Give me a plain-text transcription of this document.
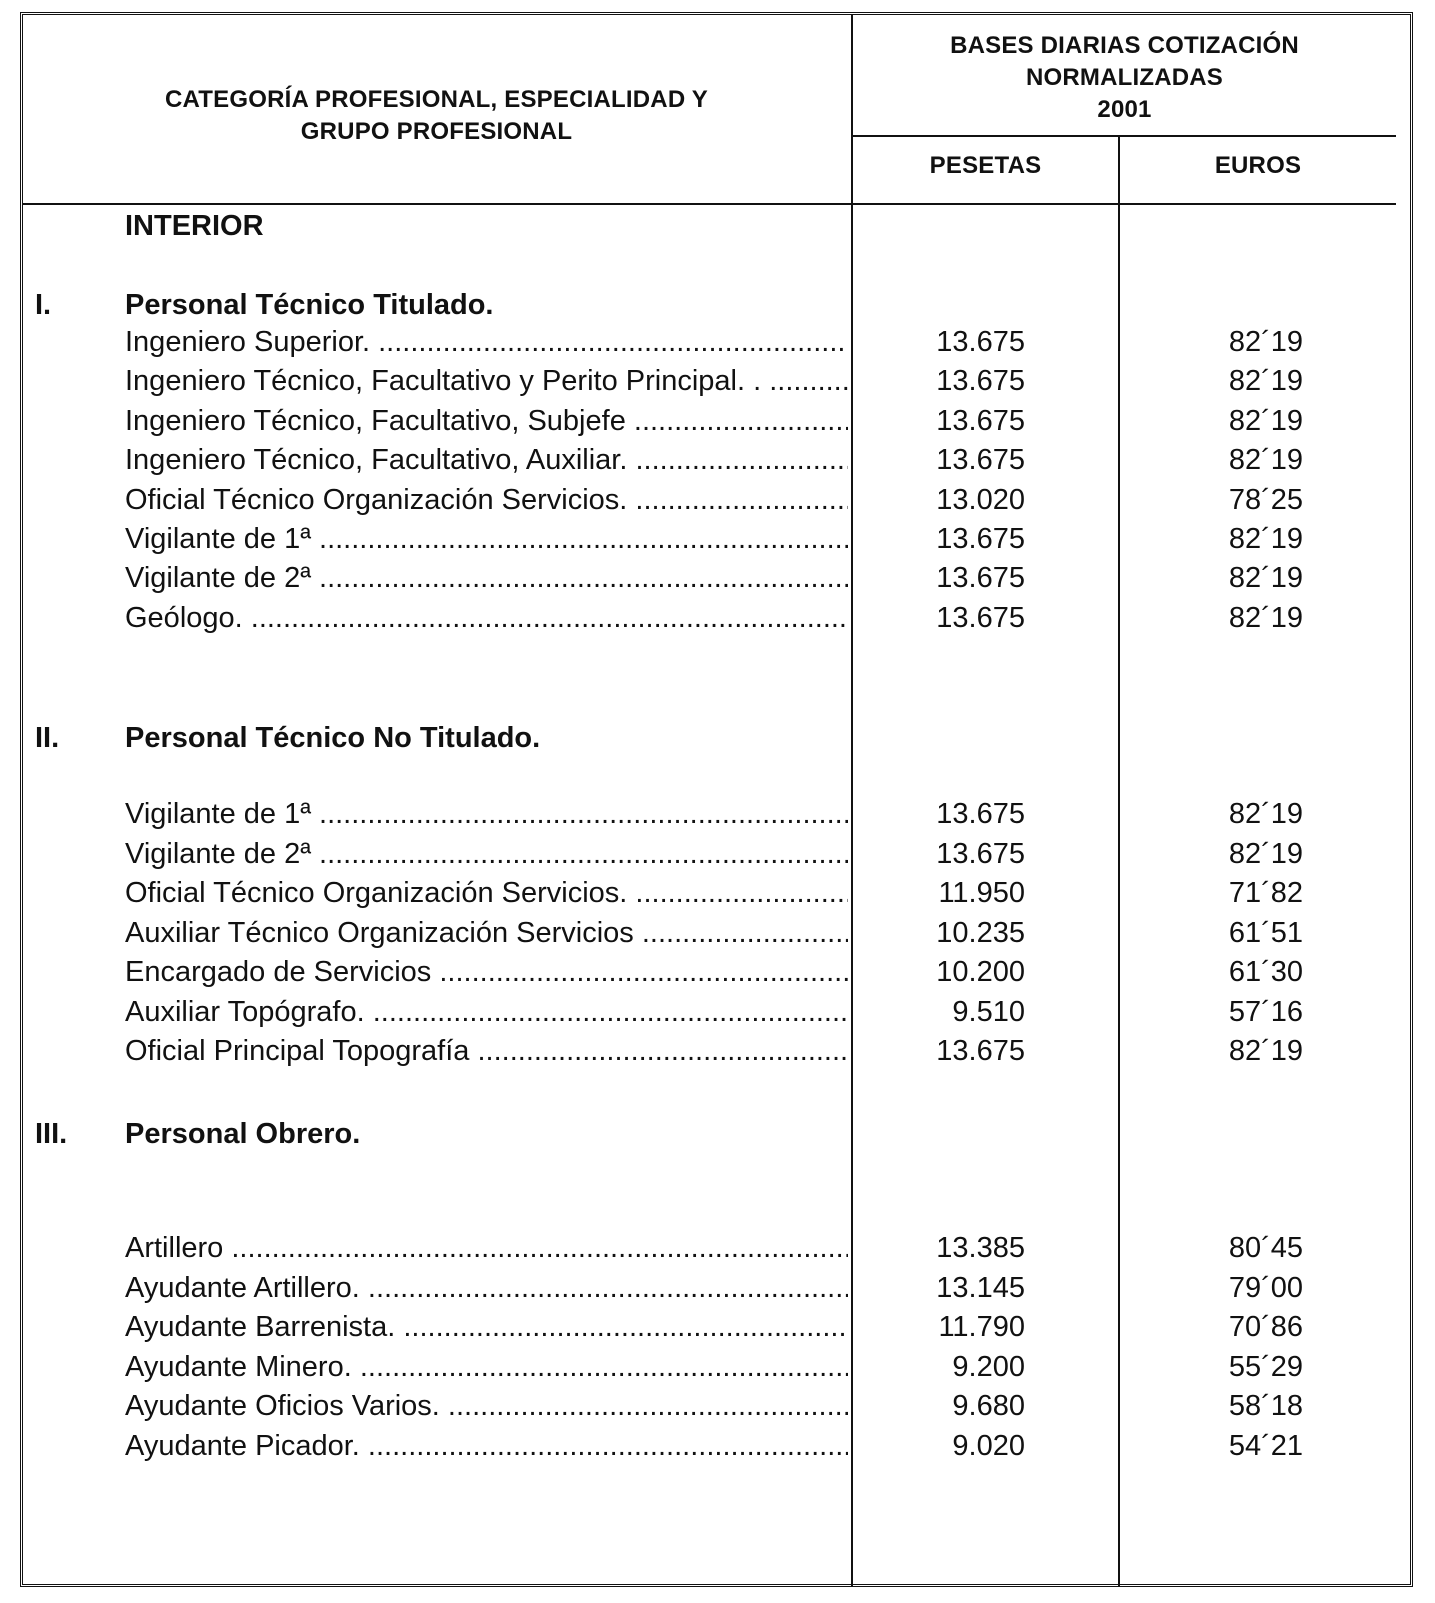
CATEGORÍA PROFESIONAL, ESPECIALIDAD Y
GRUPO PROFESIONAL
BASES DIARIAS COTIZACIÓN
NORMALIZADAS
2001
PESETAS	EUROS
INTERIOR
I.	Personal Técnico Titulado.
Ingeniero Superior. .....	13.675	82´19
Ingeniero Técnico, Facultativo y Perito Principal. . .....	13.675	82´19
Ingeniero Técnico, Facultativo, Subjefe .....	13.675	82´19
Ingeniero Técnico, Facultativo, Auxiliar. .....	13.675	82´19
Oficial Técnico Organización Servicios. .....	13.020	78´25
Vigilante de 1ª .....	13.675	82´19
Vigilante de 2ª .....	13.675	82´19
Geólogo. .....	13.675	82´19
II. Personal Técnico No Titulado.
Vigilante de 1ª .....	13.675	82´19
Vigilante de 2ª .....	13.675	82´19
Oficial Técnico Organización Servicios. .....	11.950	71´82
Auxiliar Técnico Organización Servicios .....	10.235	61´51
Encargado de Servicios .....	10.200	61´30
Auxiliar Topógrafo. .....	9.510	57´16
Oficial Principal Topografía .....	13.675	82´19
III. Personal Obrero.
Artillero .....	13.385	80´45
Ayudante Artillero. .....	13.145	79´00
Ayudante Barrenista. .....	11.790	70´86
Ayudante Minero. .....	9.200	55´29
Ayudante Oficios Varios. .....	9.680	58´18
Ayudante Picador. .....	9.020	54´21
